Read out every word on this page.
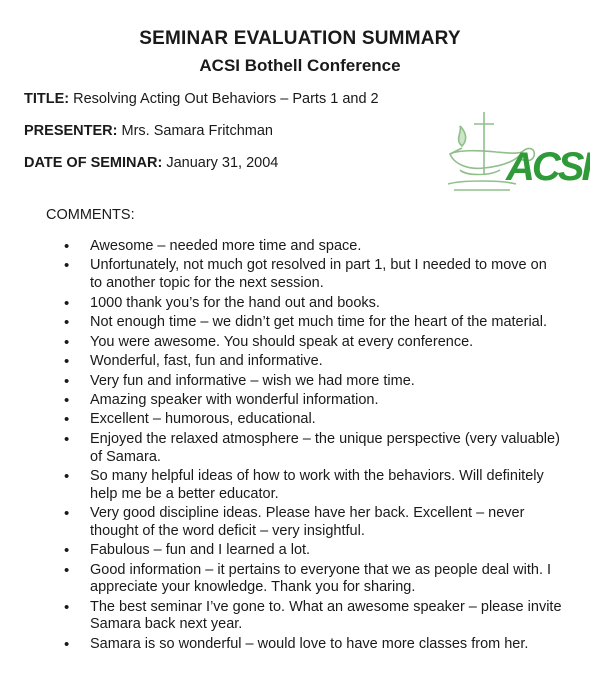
SEMINAR EVALUATION SUMMARY
ACSI Bothell Conference
TITLE: Resolving Acting Out Behaviors – Parts 1 and 2
PRESENTER: Mrs. Samara Fritchman
DATE OF SEMINAR: January 31, 2004	ACSI
COMMENTS:
• Awesome – needed more time and space.
• Unfortunately, not much got resolved in part 1, but I needed to move on to another topic for the next session.
• 1000 thank you’s for the hand out and books.
• Not enough time – we didn’t get much time for the heart of the material.
• You were awesome. You should speak at every conference.
• Wonderful, fast, fun and informative.
• Very fun and informative – wish we had more time.
• Amazing speaker with wonderful information.
• Excellent – humorous, educational.
• Enjoyed the relaxed atmosphere – the unique perspective (very valuable) of Samara.
• So many helpful ideas of how to work with the behaviors. Will definitely help me be a better educator.
• Very good discipline ideas. Please have her back. Excellent – never thought of the word deficit – very insightful.
• Fabulous – fun and I learned a lot.
• Good information – it pertains to everyone that we as people deal with. I appreciate your knowledge. Thank you for sharing.
• The best seminar I’ve gone to. What an awesome speaker – please invite Samara back next year.
• Samara is so wonderful – would love to have more classes from her.
